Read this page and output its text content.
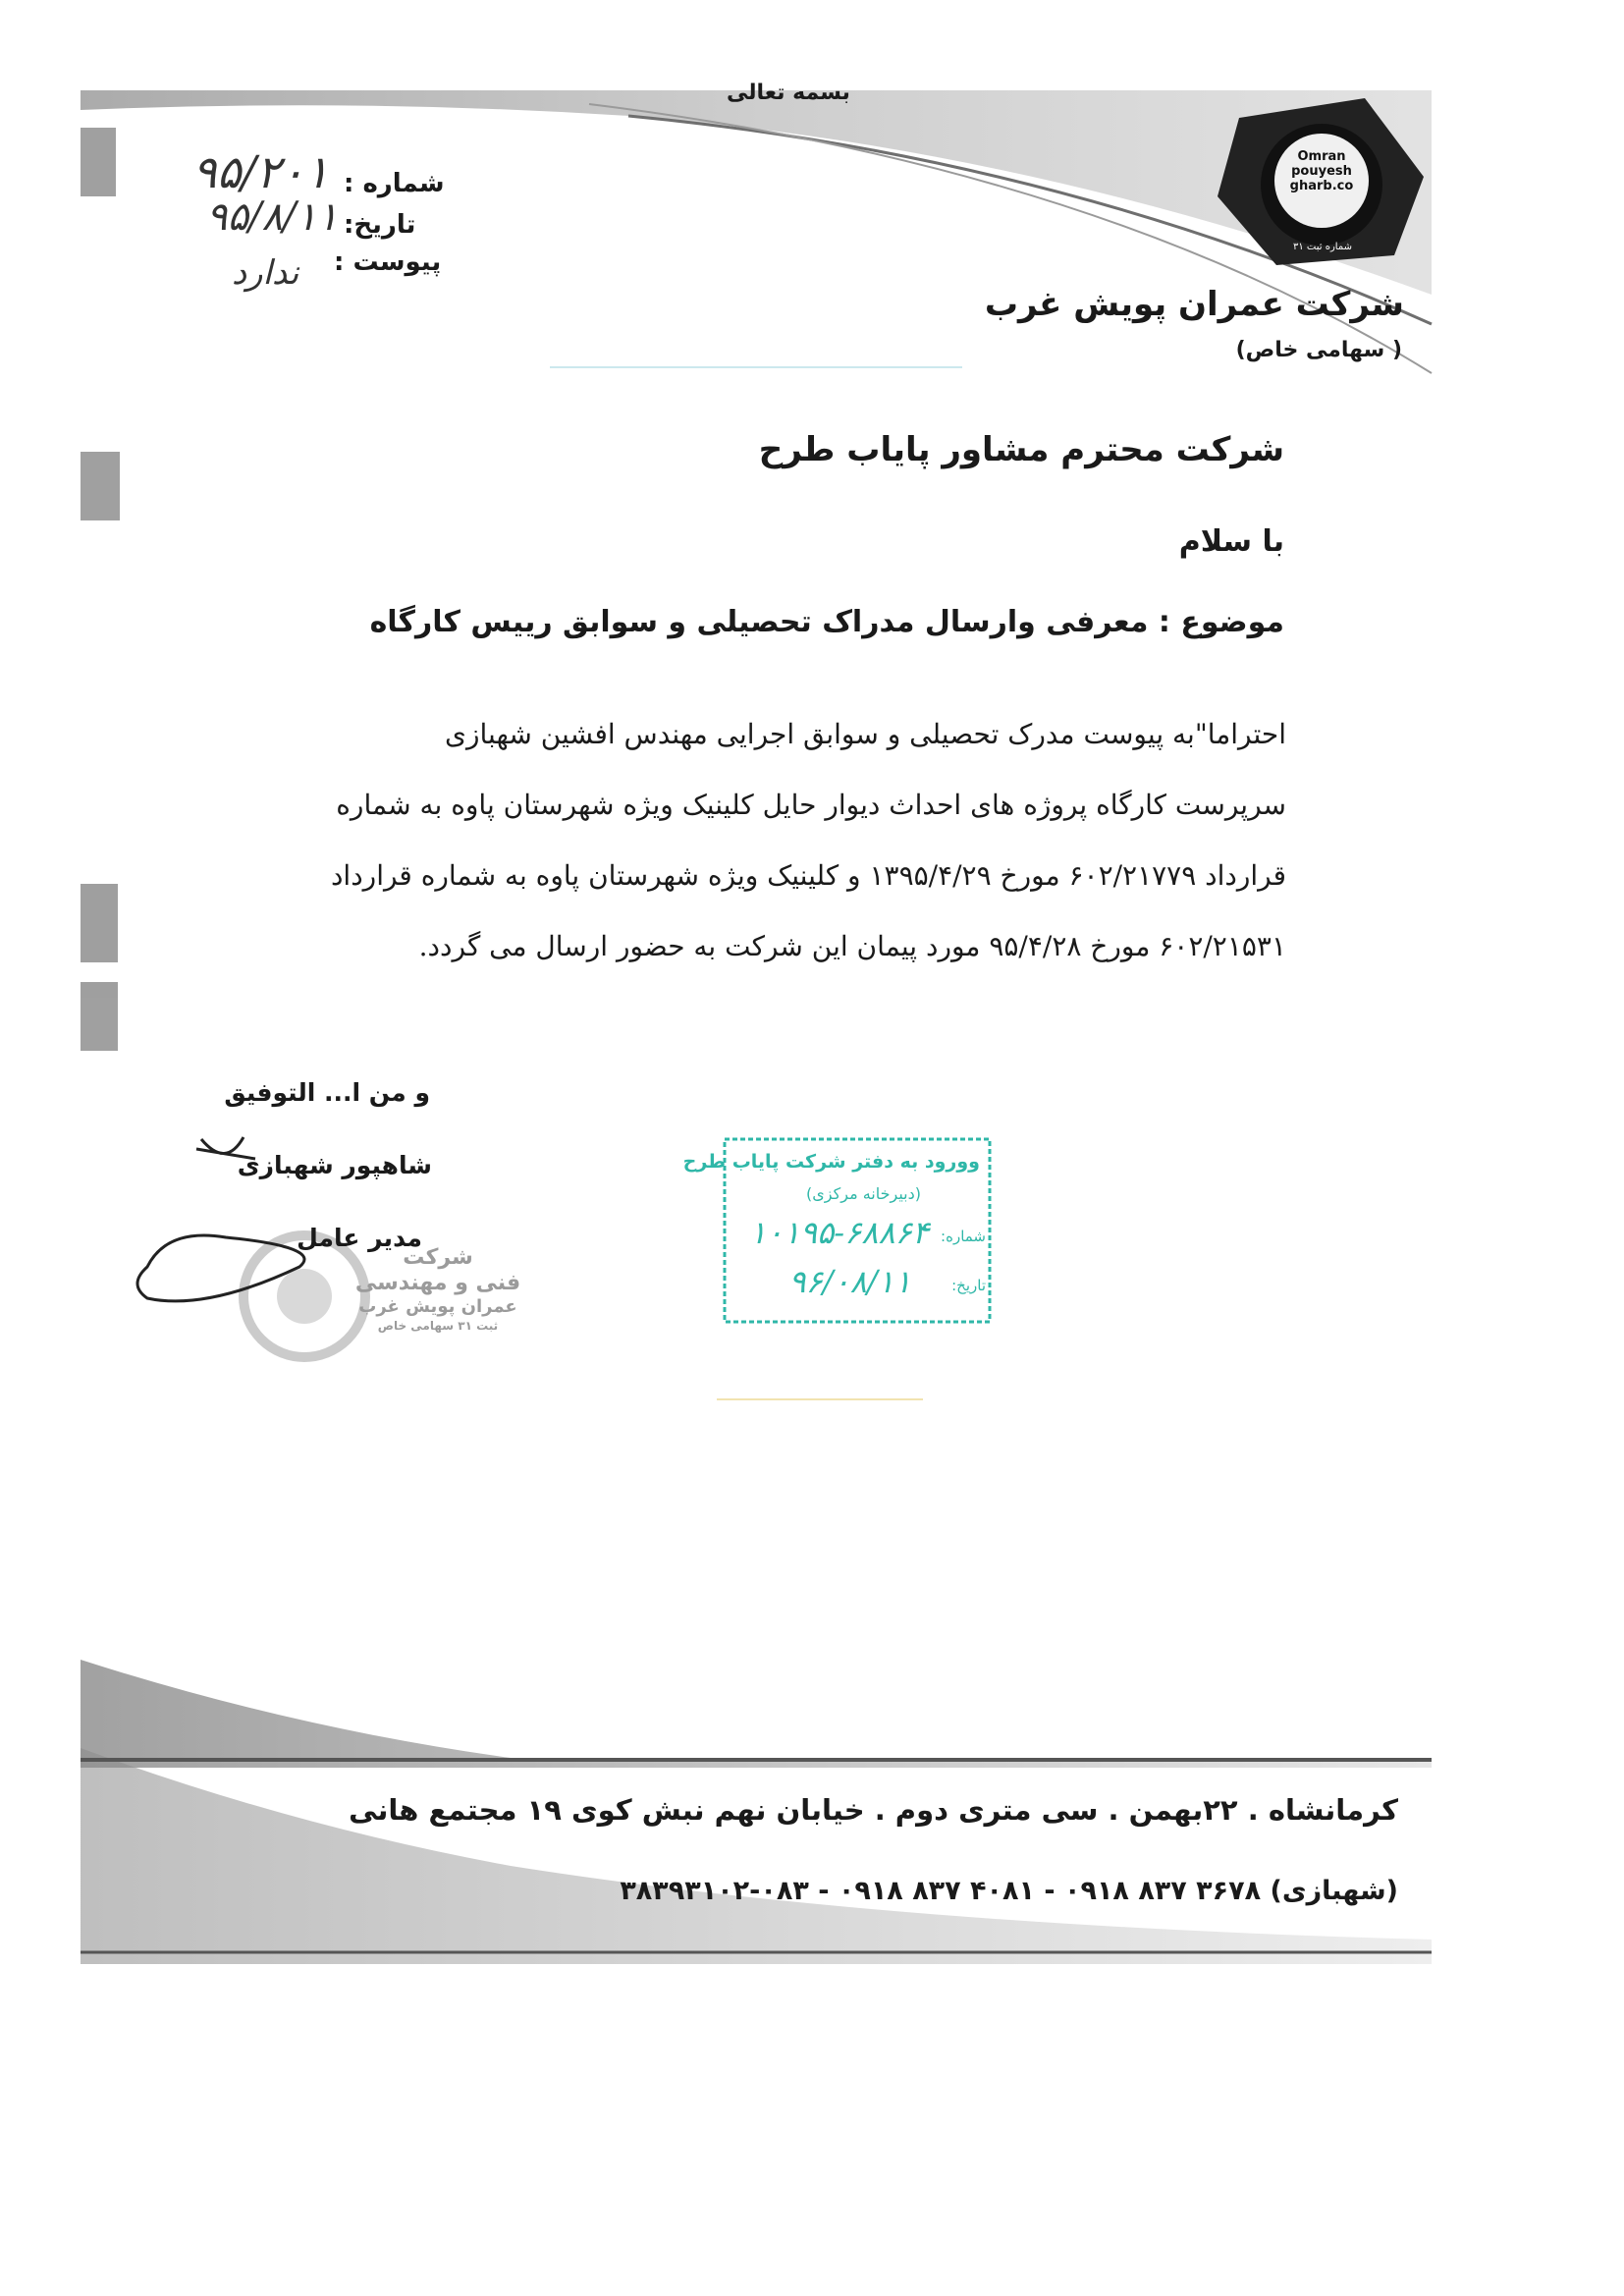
بسمه تعالی
Omran
pouyesh
gharb.co
شماره ثبت ۳۱
شرکت عمران پویش غرب
( سهامی خاص)
شماره :
تاریخ:
پیوست :
۹۵/۲۰۱
۹۵/۸/۱۱
ندارد
شرکت محترم مشاور پایاب طرح
با سلام
موضوع : معرفی وارسال مدراک تحصیلی و سوابق رییس کارگاه
احتراما"به پیوست مدرک تحصیلی و سوابق اجرایی مهندس افشین شهبازی
سرپرست کارگاه پروژه های احداث دیوار حایل کلینیک ویژه شهرستان پاوه به شماره
قرارداد ۶۰۲/۲۱۷۷۹ مورخ ۱۳۹۵/۴/۲۹ و کلینیک ویژه شهرستان پاوه به شماره قرارداد
۶۰۲/۲۱۵۳۱ مورخ ۹۵/۴/۲۸ مورد پیمان این شرکت به حضور ارسال می گردد.
و من ا... التوفیق
شاهپور شهبازی
مدیر عامل
شرکت
فنی و مهندسی
عمران پویش غرب
ثبت ۳۱ سهامی خاص
وورود به دفتر شرکت پایاب طرح
(دبیرخانه مرکزی)
شماره:
۱۰۱۹۵-۶۸۸۶۴
تاریخ:
۹۶/۰۸/۱۱
کرمانشاه . ۲۲بهمن . سی متری دوم . خیابان نهم نبش کوی ۱۹ مجتمع هانی
(شهبازی) ۳۶۷۸ ۸۳۷ ۰۹۱۸ - ۴۰۸۱ ۸۳۷ ۰۹۱۸ - ۰۸۳-۳۸۳۹۳۱۰۲
